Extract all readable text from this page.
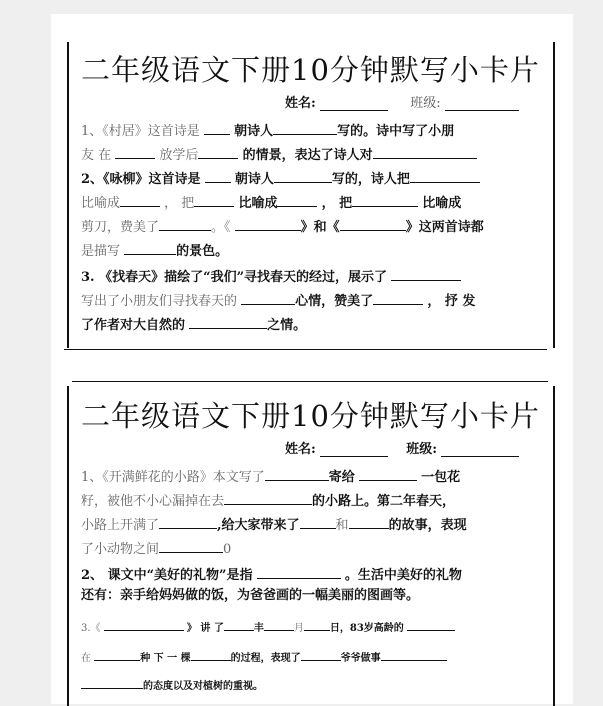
二年级语文下册10分钟默写小卡片
姓名:	班级:
1、《村居》这首诗是	朝诗人	写的。诗中写了小朋
友 在	放学后	的情景，表达了诗人对
2、《咏柳》这首诗是	朝诗人	写的，诗人把
比喻成	， 把	比喻成	， 把	比喻成
剪刀，费美了	。《	》和《	》这两首诗都
是描写	的景色。
3. 《找春天》描绘了“我们”寻找春天的经过，展示了
写出了小朋友们寻找春天的	心情，赞美了	， 抒 发
了作者对大自然的	之情。
二年级语文下册10分钟默写小卡片
姓名:	班级:
1、《开满鲜花的小路》本文写了	寄给	一包花
籽，被他不小心漏掉在去	的小路上。第二年春天，
小路上开满了	,给大家带来了	和	的故事，表现
了小动物之间	0
2、 课文中“美好的礼物”是指	。生活中美好的礼物
还有：亲手给妈妈做的饭，为爸爸画的一幅美丽的图画等。
3.《	》 讲 了	丰	月	日，83岁高龄的
在	种 下 一 棵	的过程，表现了	爷爷做事
的态度以及对植树的重视。
